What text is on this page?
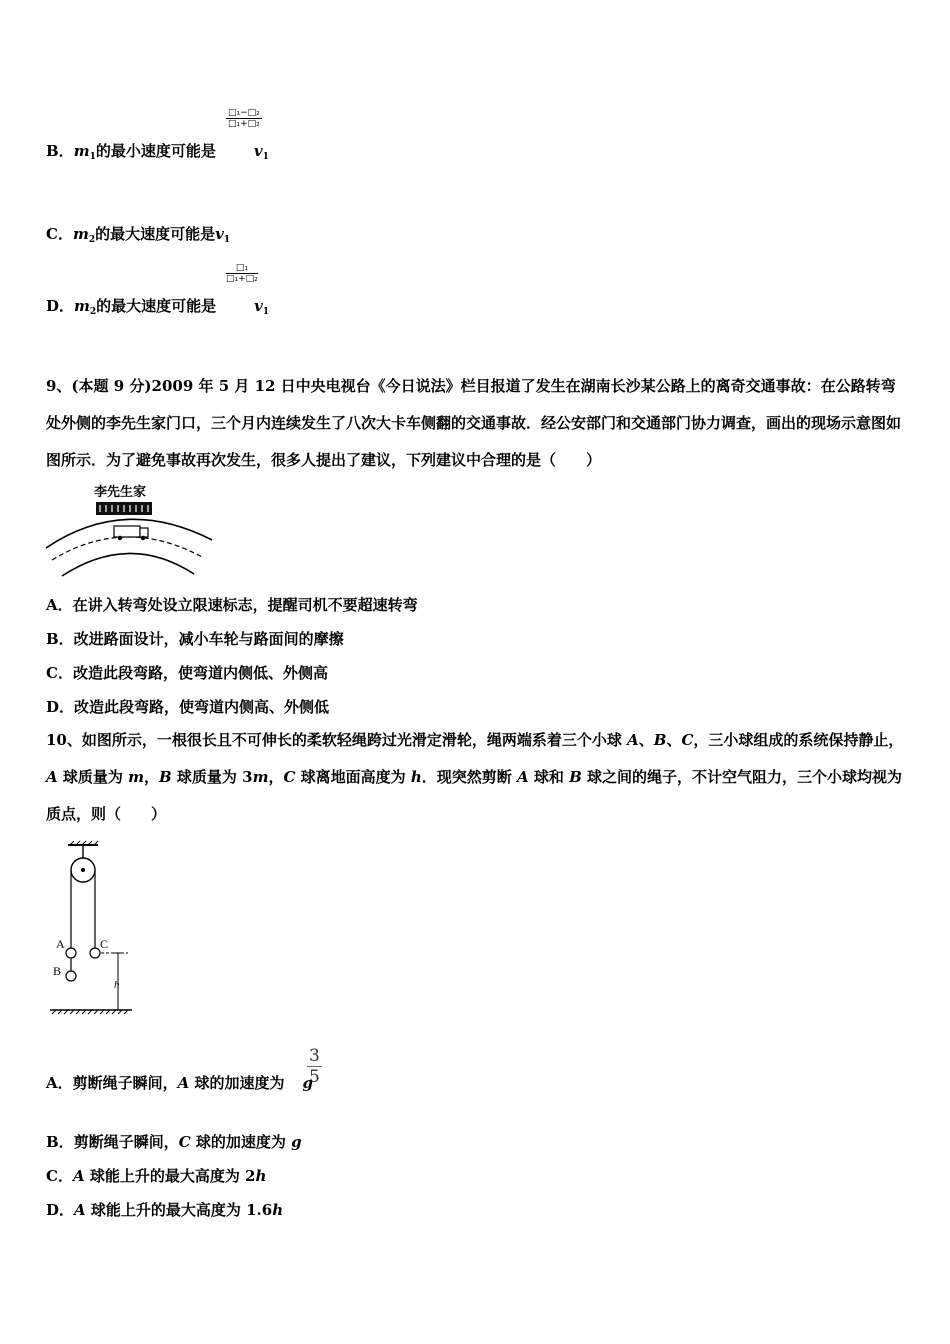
□₁−□₂
□₁+□₂
B．$m_1$的最小速度可能是	$v_1$
C．$m_2$的最大速度可能是$v_1$
□₁
□₁+□₂
D．$m_2$的最大速度可能是	$v_1$
9、(本题 9 分)2009 年 5 月 12 日中央电视台《今日说法》栏目报道了发生在湖南长沙某公路上的离奇交通事故：在公路转弯处外侧的李先生家门口，三个月内连续发生了八次大卡车侧翻的交通事故．经公安部门和交通部门协力调查，画出的现场示意图如图所示．为了避免事故再次发生，很多人提出了建议，下列建议中合理的是（　　）
李先生家
A．在讲入转弯处设立限速标志，提醒司机不要超速转弯
B．改进路面设计，减小车轮与路面间的摩擦
C．改造此段弯路，使弯道内侧低、外侧高
D．改造此段弯路，使弯道内侧高、外侧低
10、如图所示，一根很长且不可伸长的柔软轻绳跨过光滑定滑轮，绳两端系着三个小球 A、B、C，三小球组成的系统保持静止，A 球质量为 m，B 球质量为 3m，C 球离地面高度为 h．现突然剪断 A 球和 B 球之间的绳子，不计空气阻力，三个小球均视为质点，则（　　）
A
B
C
h
$\frac{3}{5}$
A．剪断绳子瞬间，A 球的加速度为 g
B．剪断绳子瞬间，C 球的加速度为 g
C．A 球能上升的最大高度为 2h
D．A 球能上升的最大高度为 1.6h
